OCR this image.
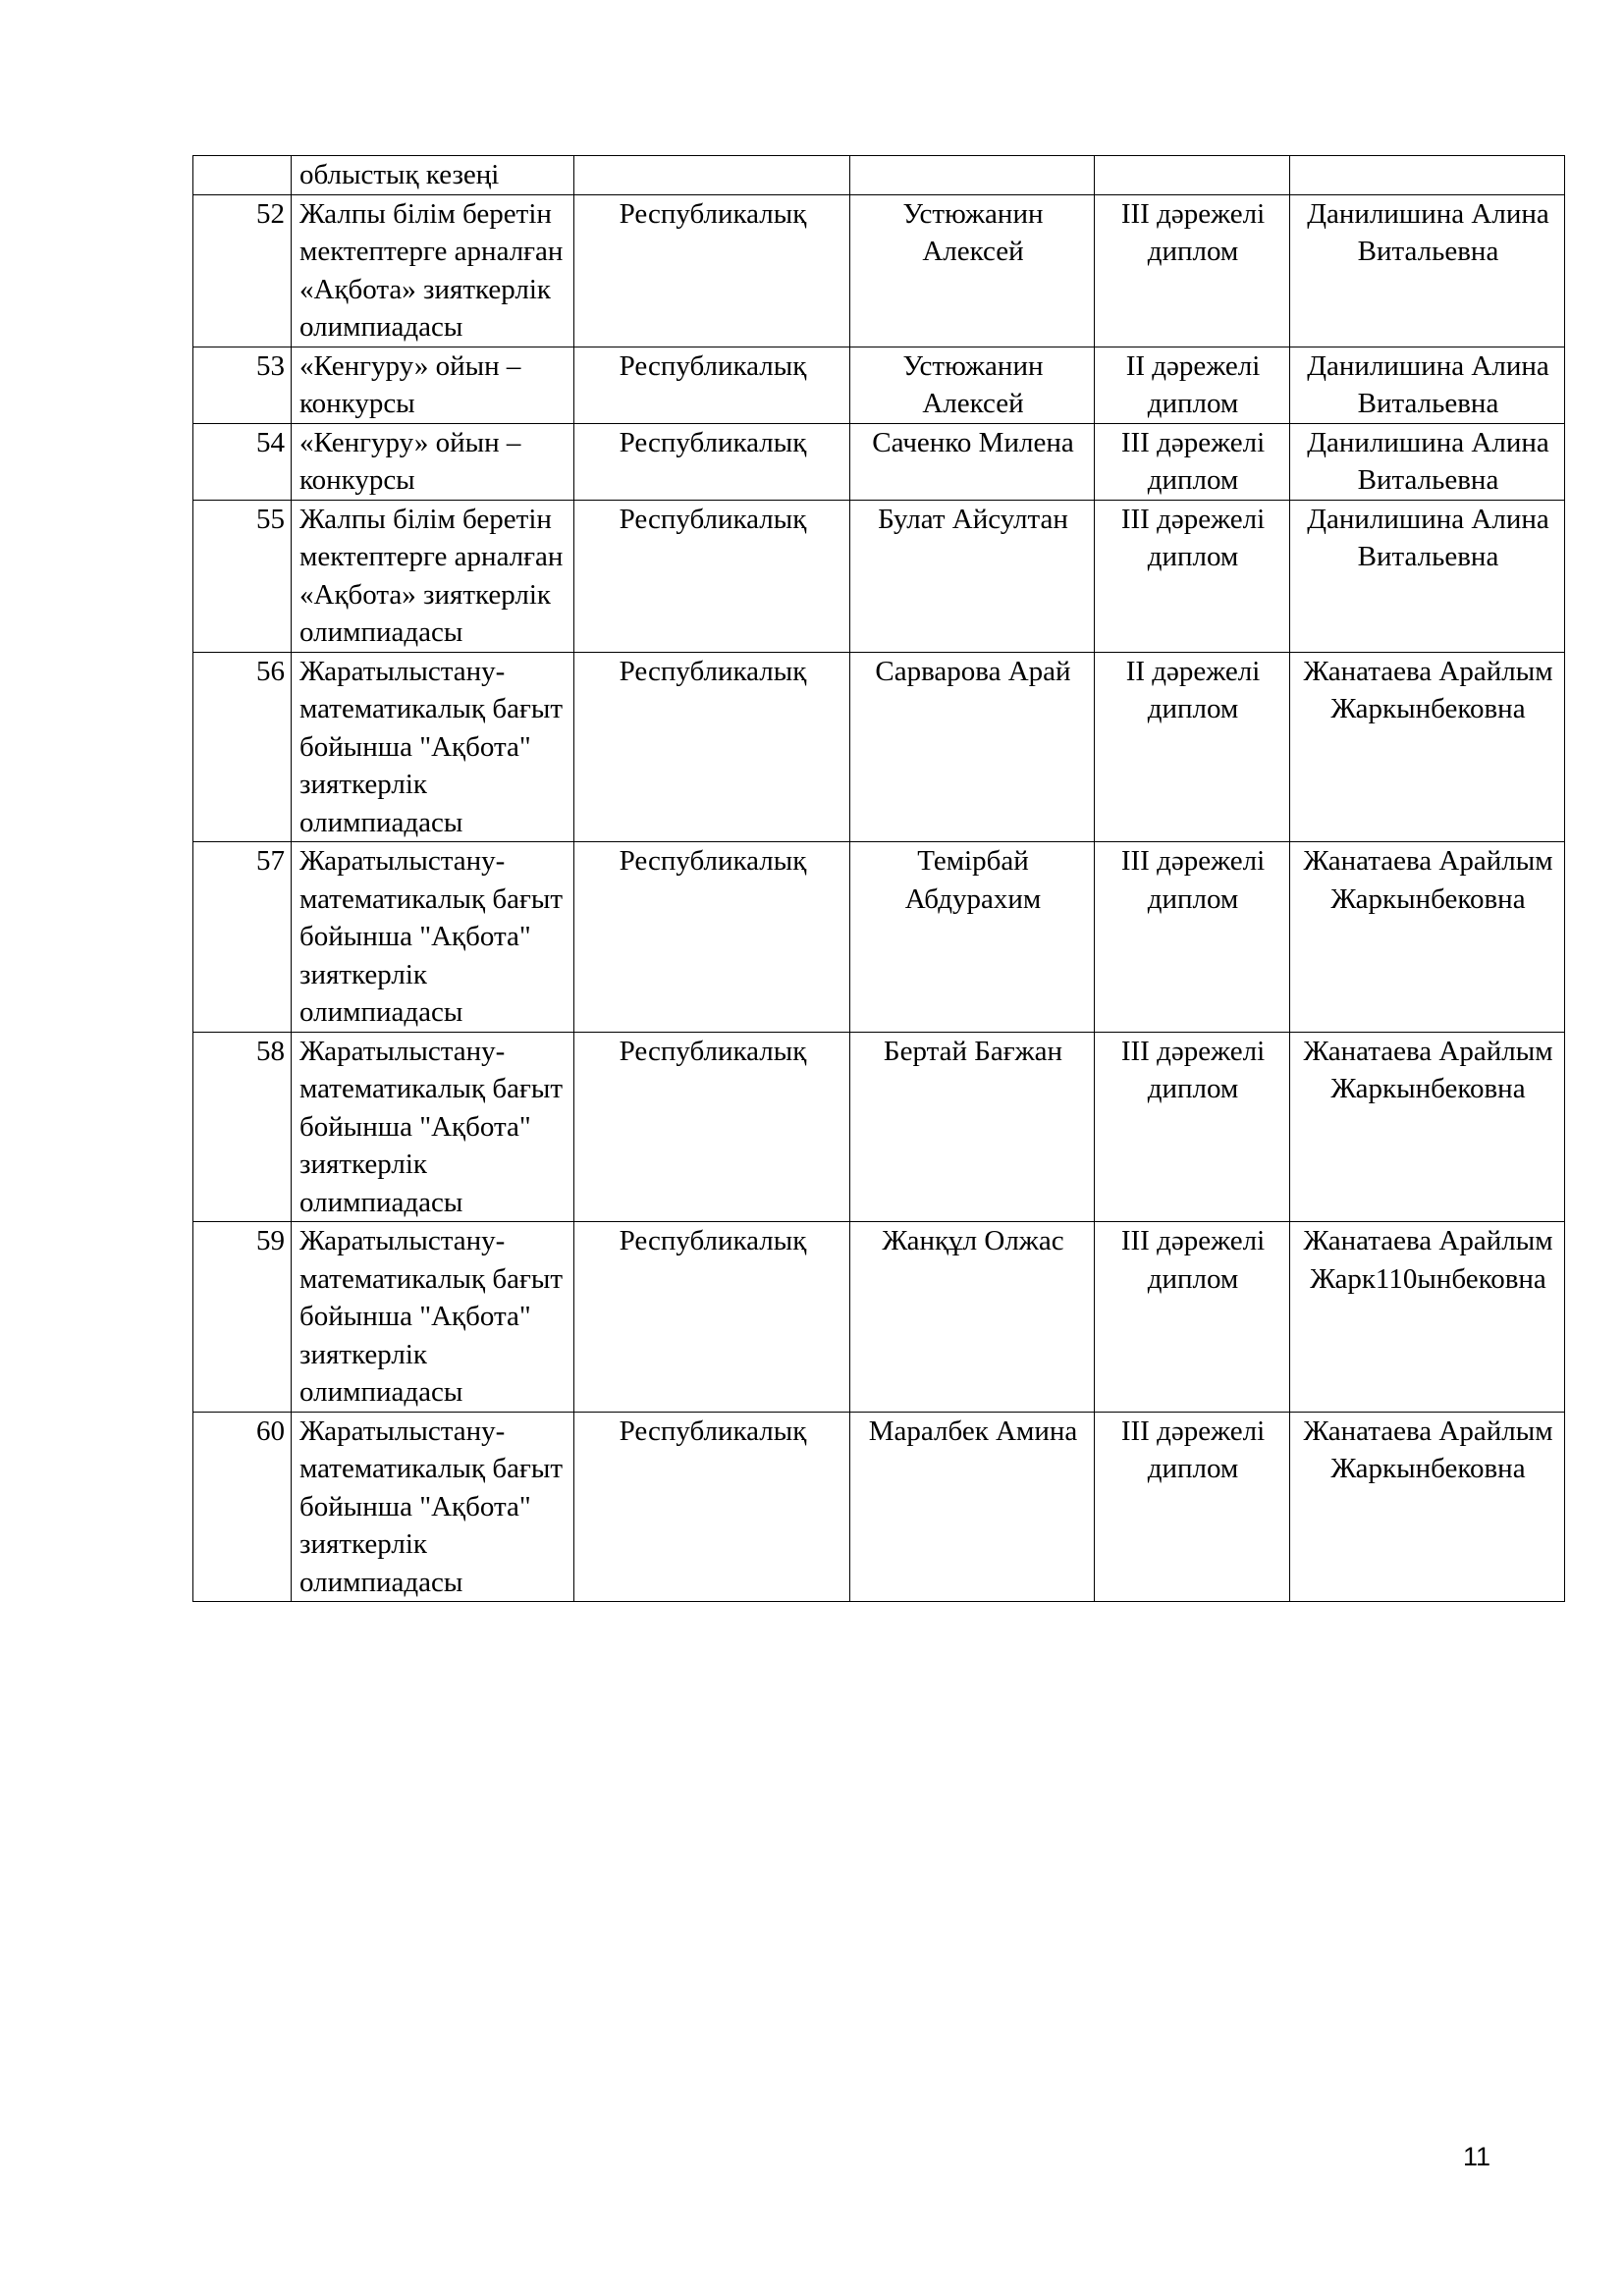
	облыстық кезеңі				
52	Жалпы білім беретін мектептерге арналған «Ақбота» зияткерлік олимпиадасы	Республикалық	Устюжанин Алексей	ІІІ дәрежелі диплом	Данилишина Алина Витальевна
53	«Кенгуру» ойын –конкурсы	Республикалық	Устюжанин Алексей	ІІ дәрежелі диплом	Данилишина Алина Витальевна
54	«Кенгуру» ойын –конкурсы	Республикалық	Саченко Милена	ІІІ дәрежелі диплом	Данилишина Алина Витальевна
55	Жалпы білім беретін мектептерге арналған «Ақбота» зияткерлік олимпиадасы	Республикалық	Булат Айсултан	ІІІ дәрежелі диплом	Данилишина Алина Витальевна
56	Жаратылыстану-математикалық бағыт бойынша "Ақбота" зияткерлік олимпиадасы	Республикалық	Сарварова Арай	ІІ дәрежелі диплом	Жанатаева Арайлым Жаркынбековна
57	Жаратылыстану-математикалық бағыт бойынша "Ақбота" зияткерлік олимпиадасы	Республикалық	Темірбай Абдурахим	ІІІ дәрежелі диплом	Жанатаева Арайлым Жаркынбековна
58	Жаратылыстану-математикалық бағыт бойынша "Ақбота" зияткерлік олимпиадасы	Республикалық	Бертай Бағжан	ІІІ дәрежелі диплом	Жанатаева Арайлым Жаркынбековна
59	Жаратылыстану-математикалық бағыт бойынша "Ақбота" зияткерлік олимпиадасы	Республикалық	Жанқұл Олжас	ІІІ дәрежелі диплом	Жанатаева Арайлым Жарк110ынбековна
60	Жаратылыстану-математикалық бағыт бойынша "Ақбота" зияткерлік олимпиадасы	Республикалық	Маралбек Амина	ІІІ дәрежелі диплом	Жанатаева Арайлым Жаркынбековна
11
